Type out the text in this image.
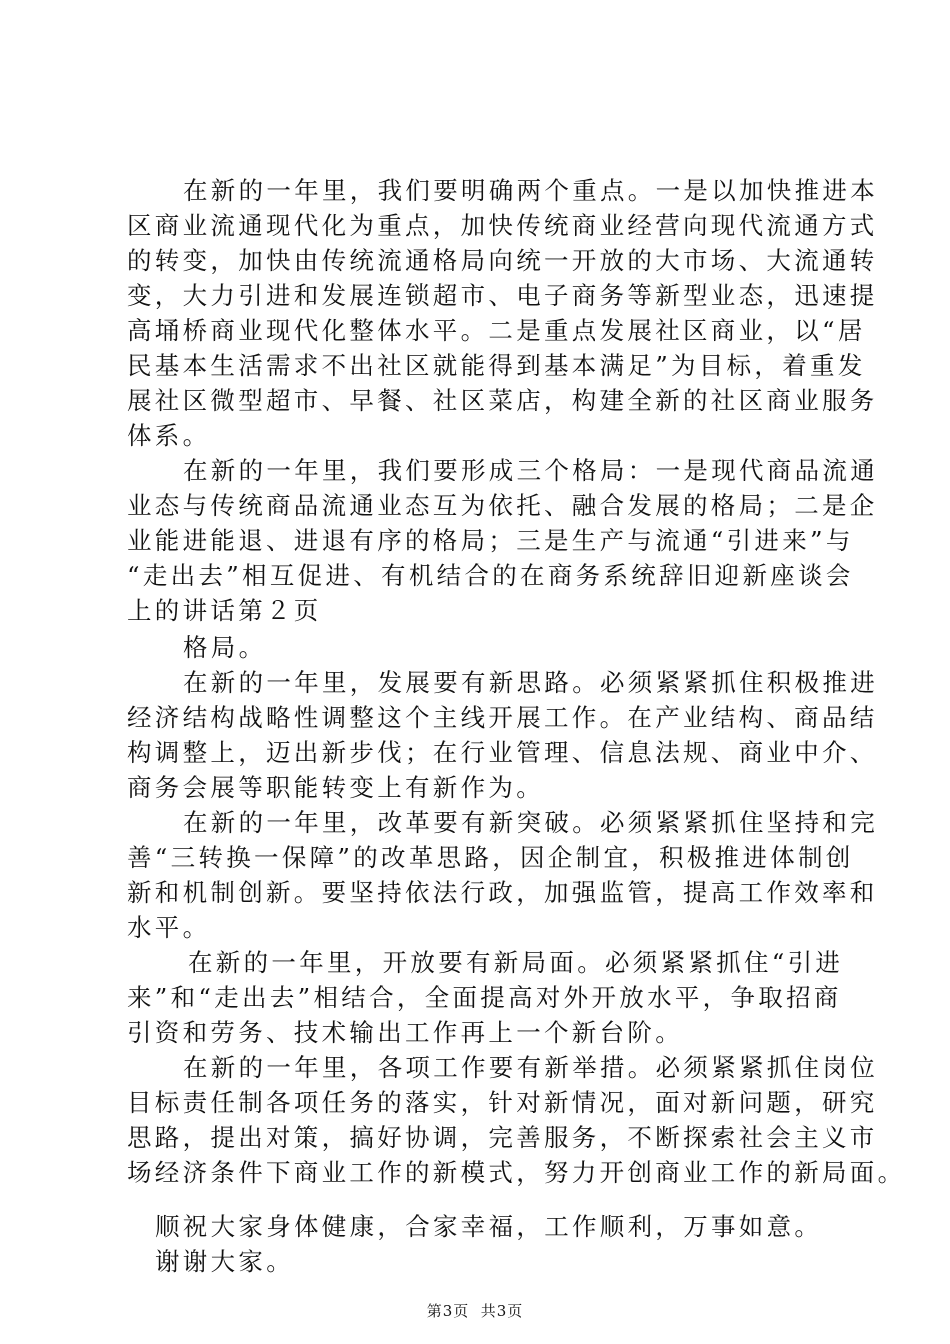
在新的一年里，我们要明确两个重点。一是以加快推进本
区商业流通现代化为重点，加快传统商业经营向现代流通方式
的转变，加快由传统流通格局向统一开放的大市场、大流通转
变，大力引进和发展连锁超市、电子商务等新型业态，迅速提
高埇桥商业现代化整体水平。二是重点发展社区商业，以“居
民基本生活需求不出社区就能得到基本满足”为目标，着重发
展社区微型超市、早餐、社区菜店，构建全新的社区商业服务
体系。
在新的一年里，我们要形成三个格局：一是现代商品流通
业态与传统商品流通业态互为依托、融合发展的格局；二是企
业能进能退、进退有序的格局；三是生产与流通“引进来”与
“走出去”相互促进、有机结合的在商务系统辞旧迎新座谈会
上的讲话第２页
格局。
在新的一年里，发展要有新思路。必须紧紧抓住积极推进
经济结构战略性调整这个主线开展工作。在产业结构、商品结
构调整上，迈出新步伐；在行业管理、信息法规、商业中介、
商务会展等职能转变上有新作为。
在新的一年里，改革要有新突破。必须紧紧抓住坚持和完
善“三转换一保障”的改革思路，因企制宜，积极推进体制创
新和机制创新。要坚持依法行政，加强监管，提高工作效率和
水平。
在新的一年里，开放要有新局面。必须紧紧抓住“引进
来”和“走出去”相结合，全面提高对外开放水平，争取招商
引资和劳务、技术输出工作再上一个新台阶。
在新的一年里，各项工作要有新举措。必须紧紧抓住岗位
目标责任制各项任务的落实，针对新情况，面对新问题，研究
思路，提出对策，搞好协调，完善服务，不断探索社会主义市
场经济条件下商业工作的新模式，努力开创商业工作的新局面。
顺祝大家身体健康，合家幸福，工作顺利，万事如意。
谢谢大家。
第3页  共3页
